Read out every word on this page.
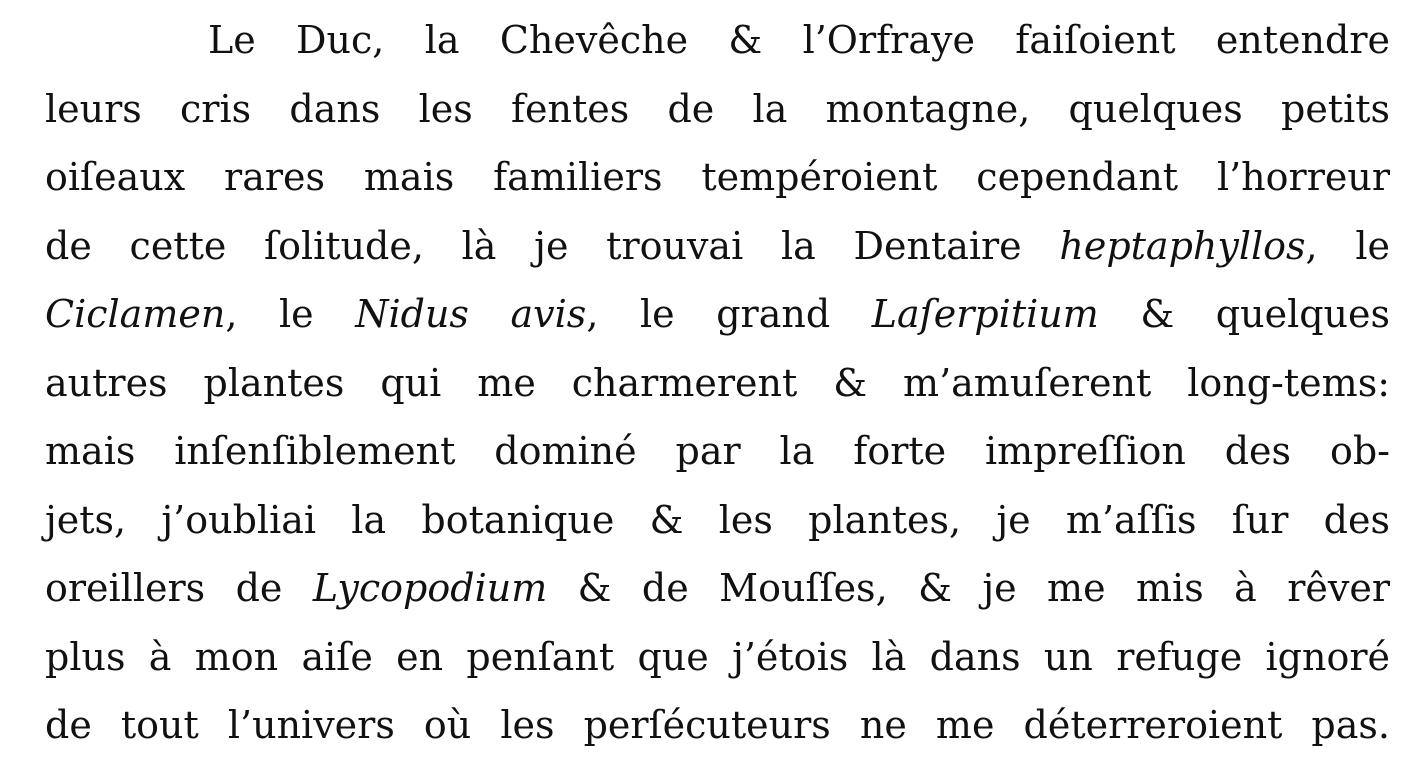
Le Duc, la Chevêche & l’Orfraye faiſoient entendre
leurs cris dans les fentes de la montagne, quelques petits
oiſeaux rares mais familiers tempéroient cependant l’horreur
de cette ſolitude, là je trouvai la Dentaire heptaphyllos, le
Ciclamen, le Nidus avis, le grand Laſerpitium & quelques
autres plantes qui me charmerent & m’amuſerent long-tems:
mais inſenſiblement dominé par la forte impreſſion des ob-
jets, j’oubliai la botanique & les plantes, je m’aſſis ſur des
oreillers de Lycopodium & de Mouſſes, & je me mis à rêver
plus à mon aiſe en penſant que j’étois là dans un refuge ignoré
de tout l’univers où les perſécuteurs ne me déterreroient pas.
